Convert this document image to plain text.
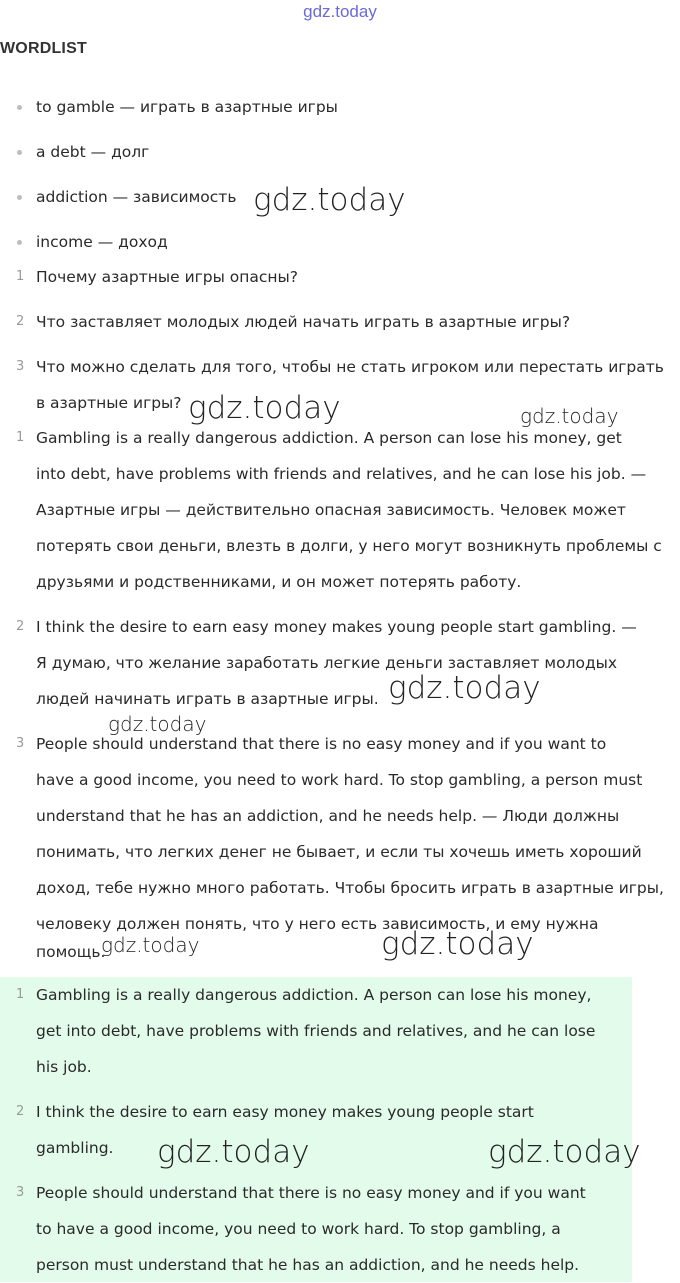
gdz.today
WORDLIST
to gamble — играть в азартные игры
a debt — долг
addiction — зависимость
income — доход
1 Почему азартные игры опасны?
2 Что заставляет молодых людей начать играть в азартные игры?
3 Что можно сделать для того, чтобы не стать игроком или перестать играть
в азартные игры?
1 Gambling is a really dangerous addiction. A person can lose his money, get
into debt, have problems with friends and relatives, and he can lose his job. —
Азартные игры — действительно опасная зависимость. Человек может
потерять свои деньги, влезть в долги, у него могут возникнуть проблемы с
друзьями и родственниками, и он может потерять работу.
2 I think the desire to earn easy money makes young people start gambling. —
Я думаю, что желание заработать легкие деньги заставляет молодых
людей начинать играть в азартные игры.
3 People should understand that there is no easy money and if you want to
have a good income, you need to work hard. To stop gambling, a person must
understand that he has an addiction, and he needs help. — Люди должны
понимать, что легких денег не бывает, и если ты хочешь иметь хороший
доход, тебе нужно много работать. Чтобы бросить играть в азартные игры,
человеку должен понять, что у него есть зависимость, и ему нужна
помощь.
1 Gambling is a really dangerous addiction. A person can lose his money,
get into debt, have problems with friends and relatives, and he can lose
his job.
2 I think the desire to earn easy money makes young people start
gambling.
3 People should understand that there is no easy money and if you want
to have a good income, you need to work hard. To stop gambling, a
person must understand that he has an addiction, and he needs help.
gdz.today
gdz.today	gdz.today
gdz.today
gdz.today
gdz.today	gdz.today
gdz.today	gdz.today
